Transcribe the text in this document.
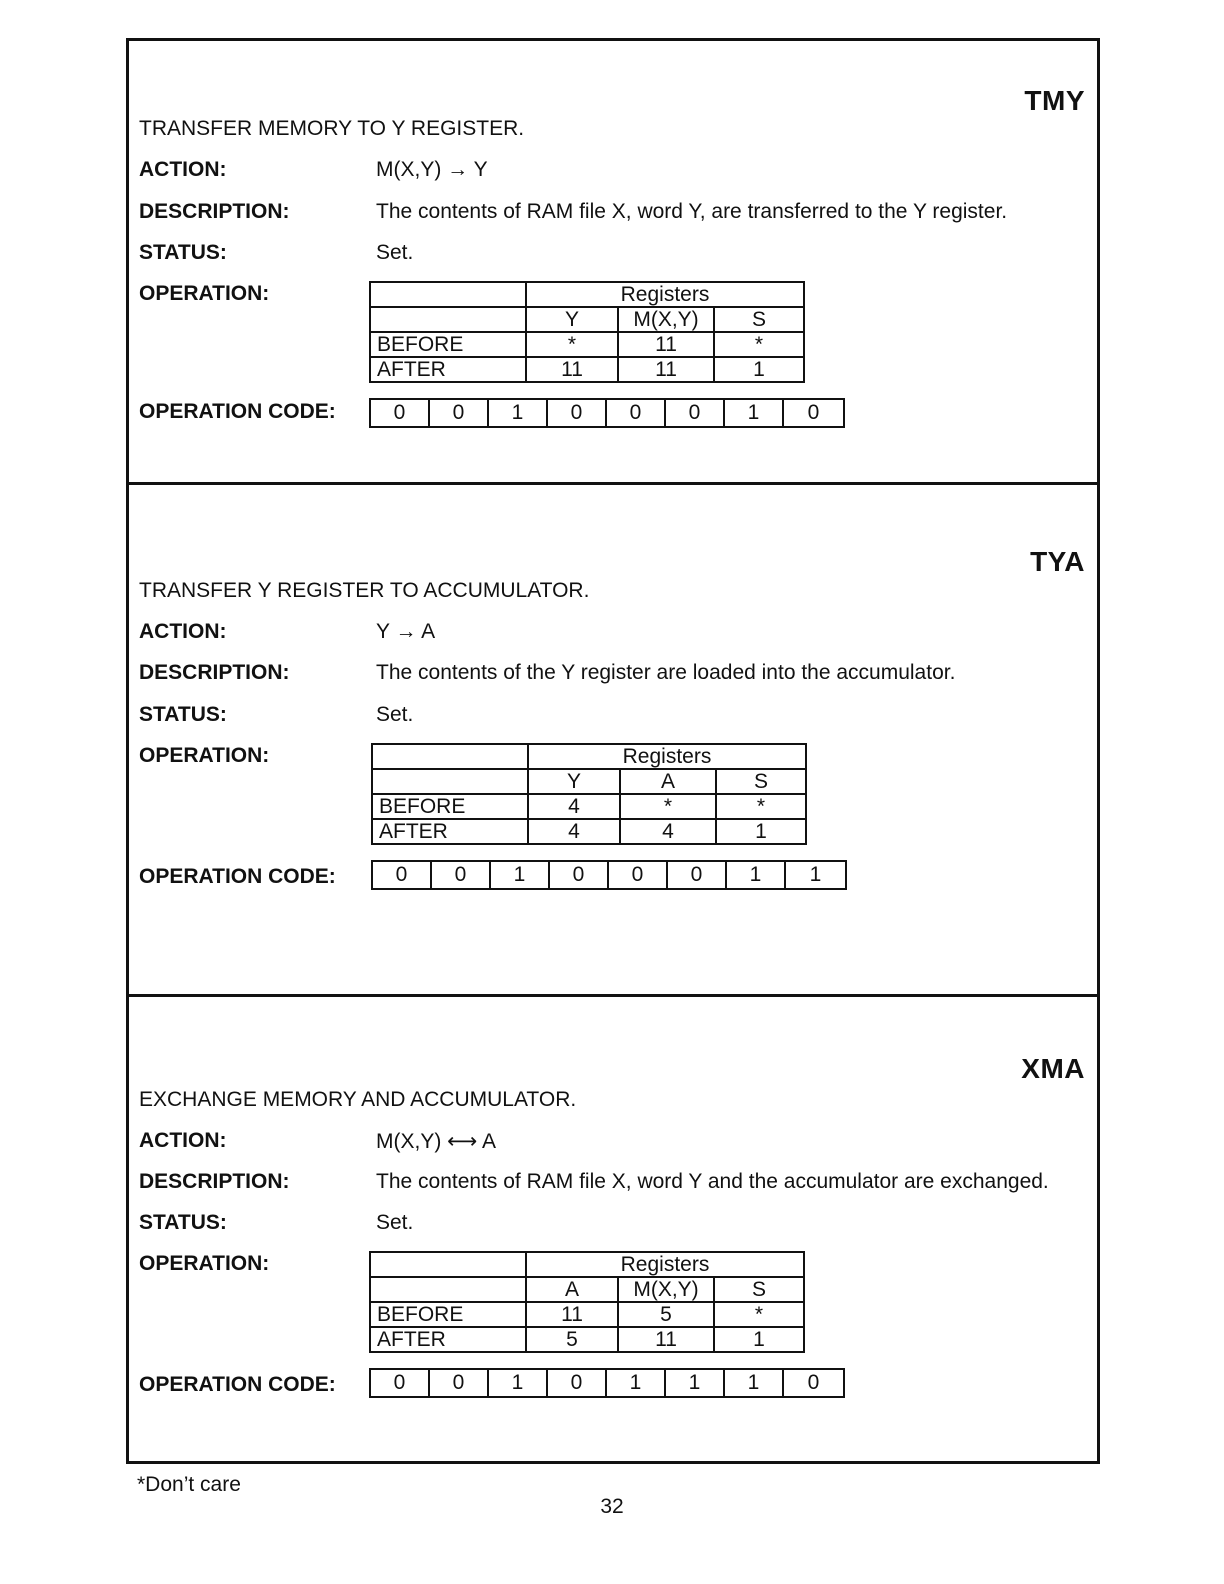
TMY
TRANSFER MEMORY TO Y REGISTER.
ACTION:	M(X,Y) → Y
DESCRIPTION:	The contents of RAM file X, word Y, are transferred to the Y register.
STATUS:	Set.
OPERATION:
		Registers		
	Y	M(X,Y)	S
BEFORE	*	11	*
AFTER	11	11	1
OPERATION CODE:	0	0	1	0	0	0	1	0
TYA
TRANSFER Y REGISTER TO ACCUMULATOR.
ACTION:	Y → A
DESCRIPTION:	The contents of the Y register are loaded into the accumulator.
STATUS:	Set.
OPERATION:
		Registers		
	Y	A	S
BEFORE	4	*	*
AFTER	4	4	1
OPERATION CODE:	0	0	1	0	0	0	1	1
XMA
EXCHANGE MEMORY AND ACCUMULATOR.
ACTION:	M(X,Y) ⟷ A
DESCRIPTION:	The contents of RAM file X, word Y and the accumulator are exchanged.
STATUS:	Set.
OPERATION:
		Registers		
	A	M(X,Y)	S
BEFORE	11	5	*
AFTER	5	11	1
OPERATION CODE:	0	0	1	0	1	1	1	0
*Don’t care
32
